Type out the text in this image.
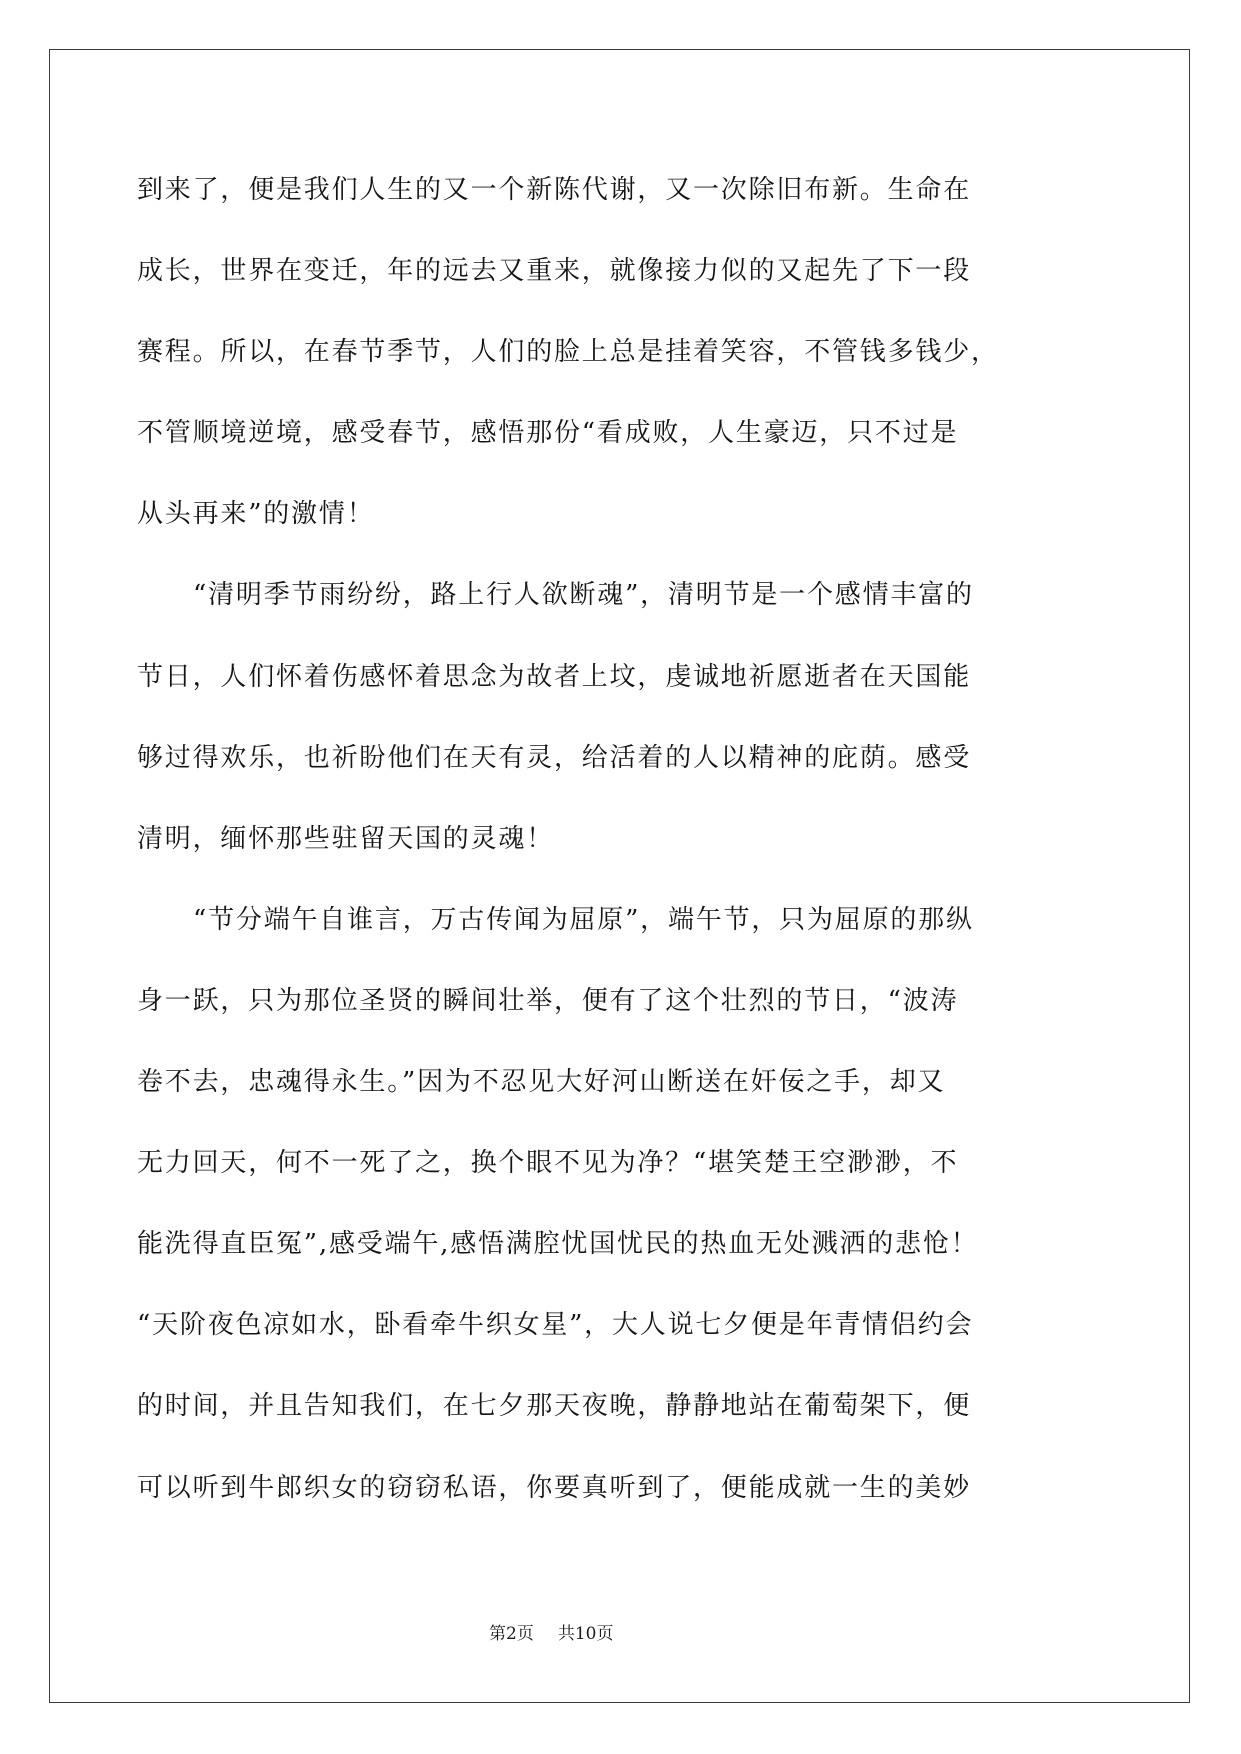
到来了，便是我们人生的又一个新陈代谢，又一次除旧布新。生命在
成长，世界在变迁，年的远去又重来，就像接力似的又起先了下一段
赛程。所以，在春节季节，人们的脸上总是挂着笑容，不管钱多钱少，
不管顺境逆境，感受春节，感悟那份“看成败，人生豪迈，只不过是
从头再来”的激情！
“清明季节雨纷纷，路上行人欲断魂”，清明节是一个感情丰富的
节日，人们怀着伤感怀着思念为故者上坟，虔诚地祈愿逝者在天国能
够过得欢乐，也祈盼他们在天有灵，给活着的人以精神的庇荫。感受
清明，缅怀那些驻留天国的灵魂！
“节分端午自谁言，万古传闻为屈原”，端午节，只为屈原的那纵
身一跃，只为那位圣贤的瞬间壮举，便有了这个壮烈的节日，“波涛
卷不去，忠魂得永生。”因为不忍见大好河山断送在奸佞之手，却又
无力回天，何不一死了之，换个眼不见为净？“堪笑楚王空渺渺，不
能洗得直臣冤”,感受端午,感悟满腔忧国忧民的热血无处溅洒的悲怆！
“天阶夜色凉如水，卧看牵牛织女星”，大人说七夕便是年青情侣约会
的时间，并且告知我们，在七夕那天夜晚，静静地站在葡萄架下，便
可以听到牛郎织女的窃窃私语，你要真听到了，便能成就一生的美妙
第2页 共10页
